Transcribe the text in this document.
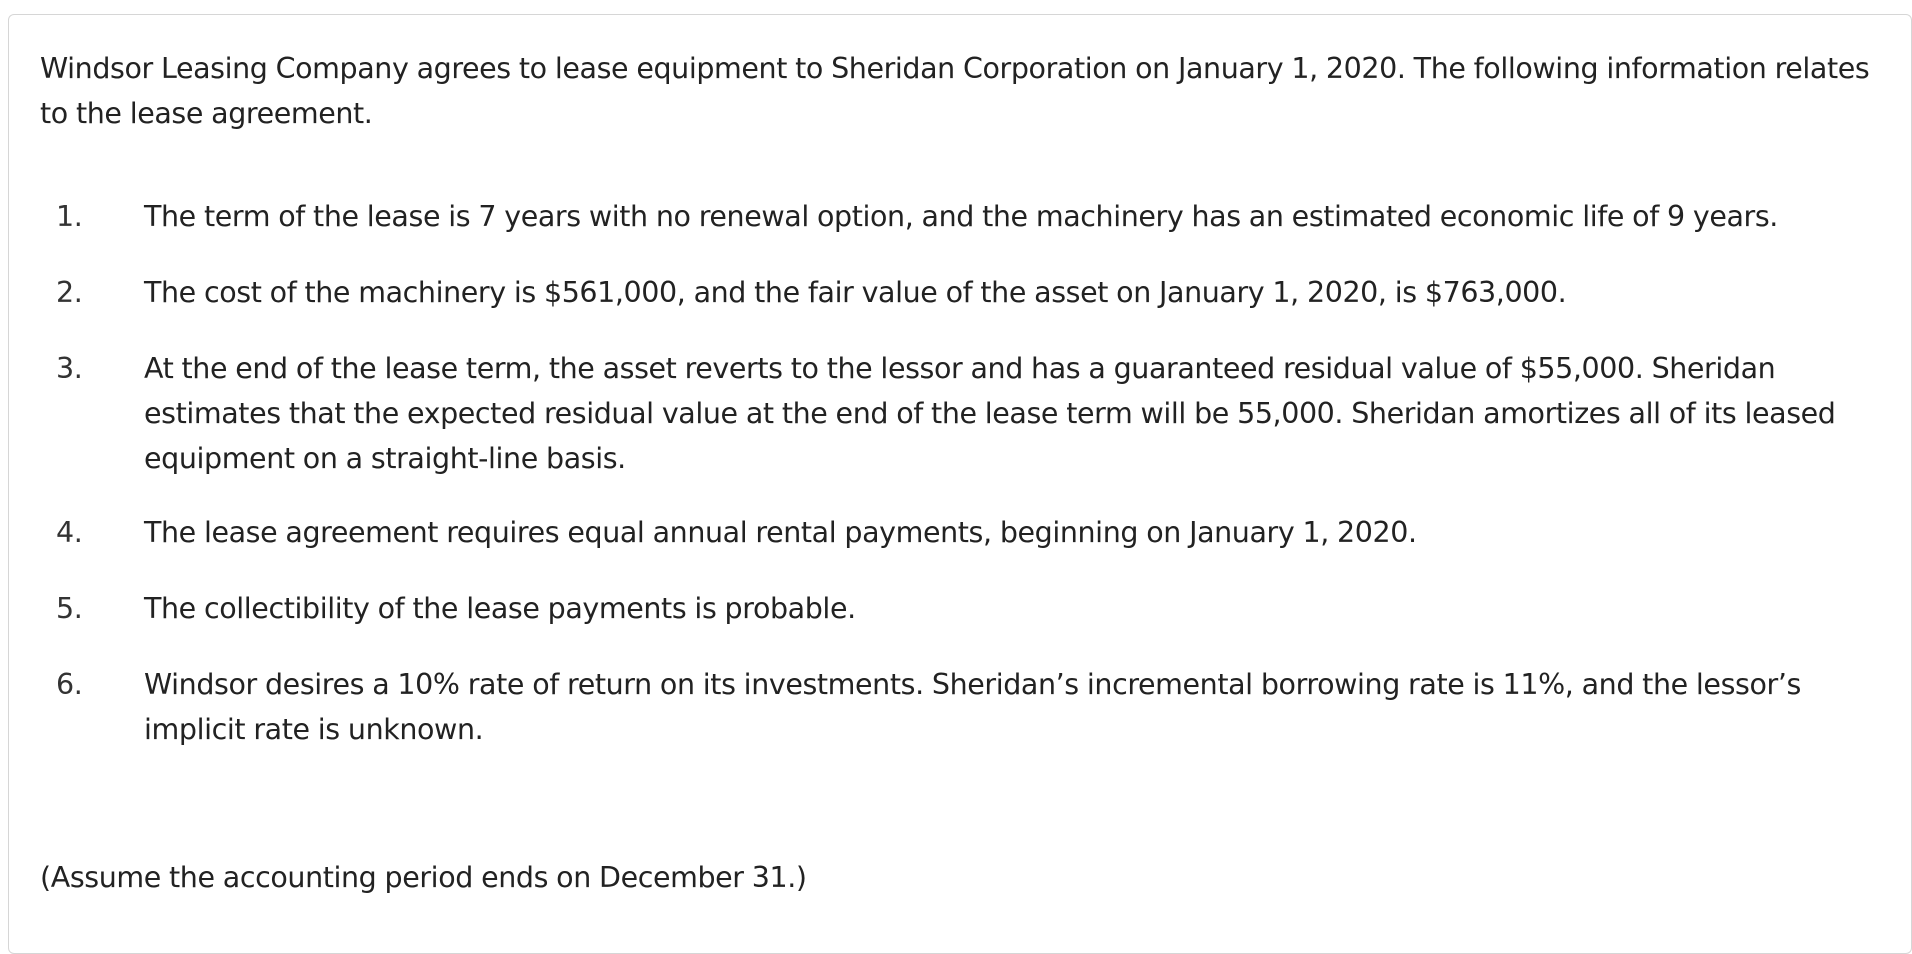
Windsor Leasing Company agrees to lease equipment to Sheridan Corporation on January 1, 2020. The following information relates to the lease agreement.

1.	The term of the lease is 7 years with no renewal option, and the machinery has an estimated economic life of 9 years.
2.	The cost of the machinery is $561,000, and the fair value of the asset on January 1, 2020, is $763,000.
3.	At the end of the lease term, the asset reverts to the lessor and has a guaranteed residual value of $55,000. Sheridan estimates that the expected residual value at the end of the lease term will be 55,000. Sheridan amortizes all of its leased equipment on a straight-line basis.
4.	The lease agreement requires equal annual rental payments, beginning on January 1, 2020.
5.	The collectibility of the lease payments is probable.
6.	Windsor desires a 10% rate of return on its investments. Sheridan’s incremental borrowing rate is 11%, and the lessor’s implicit rate is unknown.

(Assume the accounting period ends on December 31.)
